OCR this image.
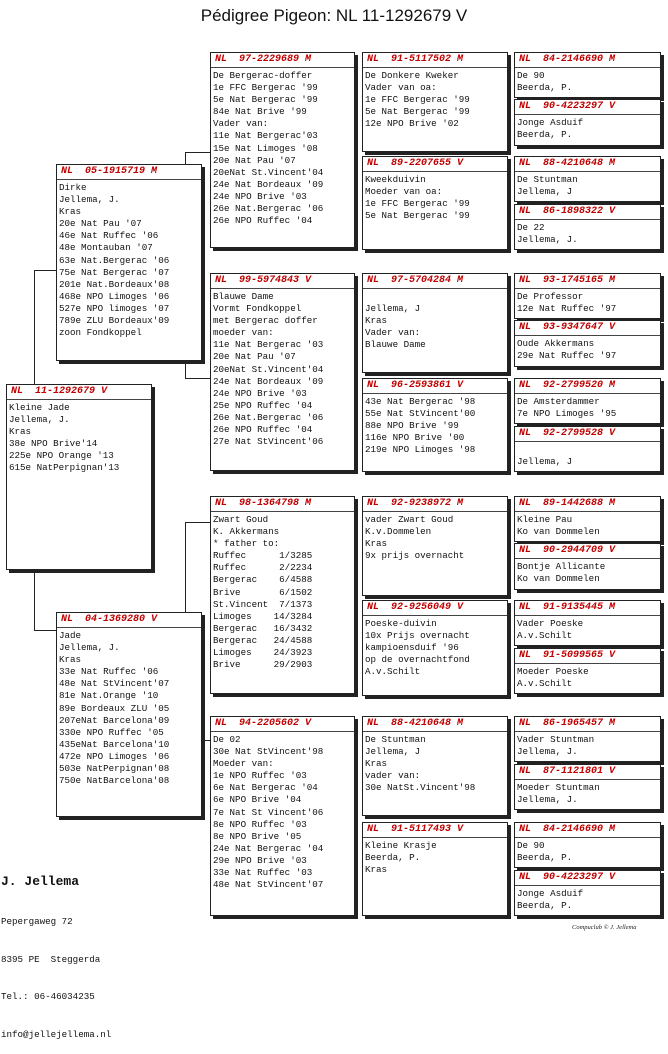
Pédigree Pigeon: NL 11-1292679 V
NL  11-1292679 V
Kleine Jade
Jellema, J.
Kras
38e NPO Brive'14
225e NPO Orange '13
615e NatPerpignan'13
NL  05-1915719 M
Dirke
Jellema, J.
Kras
20e Nat Pau '07
46e Nat Ruffec '06
48e Montauban '07
63e Nat.Bergerac '06
75e Nat Bergerac '07
201e Nat.Bordeaux'08
468e NPO Limoges '06
527e NPO limoges '07
789e ZLU Bordeaux'09
zoon Fondkoppel
NL  04-1369280 V
Jade
Jellema, J.
Kras
33e Nat Ruffec '06
48e Nat StVincent'07
81e Nat.Orange '10
89e Bordeaux ZLU '05
207eNat Barcelona'09
330e NPO Ruffec '05
435eNat Barcelona'10
472e NPO Limoges '06
503e NatPerpignan'08
750e NatBarcelona'08
NL  97-2229689 M
De Bergerac-doffer
1e FFC Bergerac '99
5e Nat Bergerac '99
84e Nat Brive '99
Vader van:
11e Nat Bergerac'03
15e Nat Limoges '08
20e Nat Pau '07
20eNat St.Vincent'04
24e Nat Bordeaux '09
24e NPO Brive '03
26e Nat.Bergerac '06
26e NPO Ruffec '04
NL  99-5974843 V
Blauwe Dame
Vormt Fondkoppel
met Bergerac doffer
moeder van:
11e Nat Bergerac '03
20e Nat Pau '07
20eNat St.Vincent'04
24e Nat Bordeaux '09
24e NPO Brive '03
25e NPO Ruffec '04
26e Nat.Bergerac '06
26e NPO Ruffec '04
27e Nat StVincent'06
NL  98-1364798 M
Zwart Goud
K. Akkermans
* father to:
Ruffec      1/3285
Ruffec      2/2234
Bergerac    6/4588
Brive       6/1502
St.Vincent  7/1373
Limoges    14/3284
Bergerac   16/3432
Bergerac   24/4588
Limoges    24/3923
Brive      29/2903
NL  94-2205602 V
De 02
30e Nat StVincent'98
Moeder van:
1e NPO Ruffec '03
6e Nat Bergerac '04
6e NPO Brive '04
7e Nat St Vincent'06
8e NPO Ruffec '03
8e NPO Brive '05
24e Nat Bergerac '04
29e NPO Brive '03
33e Nat Ruffec '03
48e Nat StVincent'07
NL  91-5117502 M
De Donkere Kweker
Vader van oa:
1e FFC Bergerac '99
5e Nat Bergerac '99
12e NPO Brive '02
NL  89-2207655 V
Kweekduivin
Moeder van oa:
1e FFC Bergerac '99
5e Nat Bergerac '99
NL  97-5704284 M

Jellema, J
Kras
Vader van:
Blauwe Dame
NL  96-2593861 V
43e Nat Bergerac '98
55e Nat StVincent'00
88e NPO Brive '99
116e NPO Brive '00
219e NPO Limoges '98
NL  92-9238972 M
vader Zwart Goud
K.v.Dommelen
Kras
9x prijs overnacht
NL  92-9256049 V
Poeske-duivin
10x Prijs overnacht
kampioensduif '96
op de overnachtfond
A.v.Schilt
NL  88-4210648 M
De Stuntman
Jellema, J
Kras
vader van:
30e NatSt.Vincent'98
NL  91-5117493 V
Kleine Krasje
Beerda, P.
Kras
NL  84-2146690 M
De 90
Beerda, P.
NL  90-4223297 V
Jonge Asduif
Beerda, P.
NL  88-4210648 M
De Stuntman
Jellema, J
NL  86-1898322 V
De 22
Jellema, J.
NL  93-1745165 M
De Professor
12e Nat Ruffec '97
NL  93-9347647 V
Oude Akkermans
29e Nat Ruffec '97
NL  92-2799520 M
De Amsterdammer
7e NPO Limoges '95
NL  92-2799528 V

Jellema, J
NL  89-1442688 M
Kleine Pau
Ko van Dommelen
NL  90-2944709 V
Bontje Allicante
Ko van Dommelen
NL  91-9135445 M
Vader Poeske
A.v.Schilt
NL  91-5099565 V
Moeder Poeske
A.v.Schilt
NL  86-1965457 M
Vader Stuntman
Jellema, J.
NL  87-1121801 V
Moeder Stuntman
Jellema, J.
NL  84-2146690 M
De 90
Beerda, P.
NL  90-4223297 V
Jonge Asduif
Beerda, P.

J. Jellema

Pepergaweg 72

8395 PE  Steggerda

Tel.: 06-46034235

info@jellejellema.nl

Compuclub © J. Jellema
